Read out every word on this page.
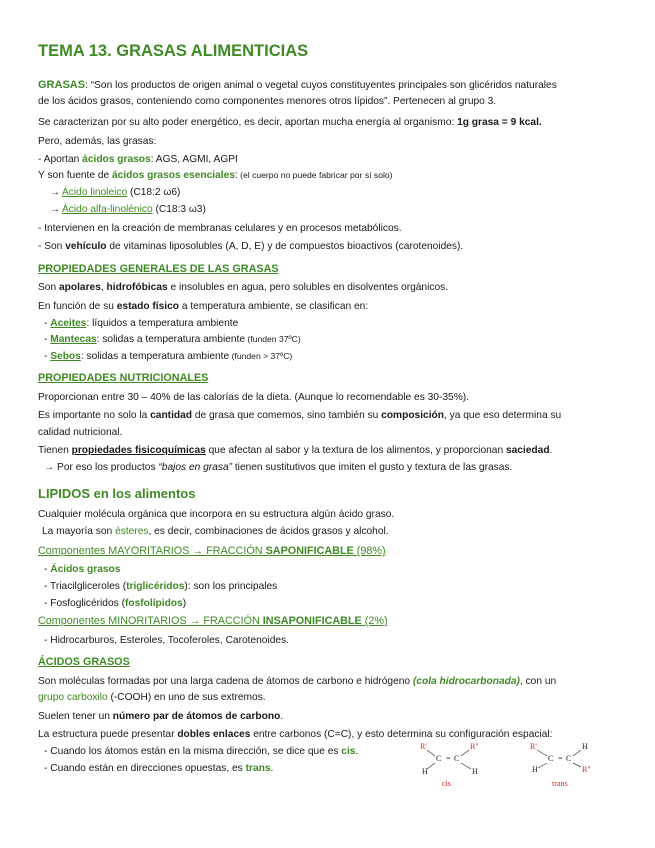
TEMA 13. GRASAS ALIMENTICIAS
GRASAS: “Son los productos de origen animal o vegetal cuyos constituyentes principales son glicéridos naturales
de los ácidos grasos, conteniendo como componentes menores otros lípidos”. Pertenecen al grupo 3.
Se caracterizan por su alto poder energético, es decir, aportan mucha energía al organismo: 1g grasa = 9 kcal.
Pero, además, las grasas:
- Aportan ácidos grasos: AGS, AGMI, AGPI
Y son fuente de ácidos grasos esenciales: (el cuerpo no puede fabricar por sí solo)
→ Ácido linoleico (C18:2 ω6)
→ Ácido alfa-linolénico (C18:3 ω3)
- Intervienen en la creación de membranas celulares y en procesos metabólicos.
- Son vehículo de vitaminas liposolubles (A, D, E) y de compuestos bioactivos (carotenoides).
PROPIEDADES GENERALES DE LAS GRASAS
Son apolares, hidrofóbicas e insolubles en agua, pero solubles en disolventes orgánicos.
En función de su estado físico a temperatura ambiente, se clasifican en:
- Aceites: líquidos a temperatura ambiente
- Mantecas: solidas a temperatura ambiente (funden 37ºC)
- Sebos: solidas a temperatura ambiente (funden > 37ºC)
PROPIEDADES NUTRICIONALES
Proporcionan entre 30 – 40% de las calorías de la dieta. (Aunque lo recomendable es 30-35%).
Es importante no solo la cantidad de grasa que comemos, sino también su composición, ya que eso determina su
calidad nutricional.
Tienen propiedades fisicoquímicas que afectan al sabor y la textura de los alimentos, y proporcionan saciedad.
→ Por eso los productos “bajos en grasa” tienen sustitutivos que imiten el gusto y textura de las grasas.
LIPIDOS en los alimentos
Cualquier molécula orgánica que incorpora en su estructura algún ácido graso.
La mayoría son ésteres, es decir, combinaciones de ácidos grasos y alcohol.
Componentes MAYORITARIOS → FRACCIÓN SAPONIFICABLE (98%)
- Ácidos grasos
- Triacilgliceroles (triglicéridos): son los principales
- Fosfoglicéridos (fosfolípidos)
Componentes MINORITARIOS → FRACCIÓN INSAPONIFICABLE (2%)
- Hidrocarburos, Esteroles, Tocoferoles, Carotenoides.
ÁCIDOS GRASOS
Son moléculas formadas por una larga cadena de átomos de carbono e hidrógeno (cola hidrocarbonada), con un
grupo carboxilo (-COOH) en uno de sus extremos.
Suelen tener un número par de átomos de carbono.
La estructura puede presentar dobles enlaces entre carbonos (C=C), y esto determina su configuración espacial:
- Cuando los átomos están en la misma dirección, se dice que es cis.
- Cuando están en direcciones opuestas, es trans.
R'	R''
C = C
H	H
cis
R'	H
C = C
H	R''
trans
